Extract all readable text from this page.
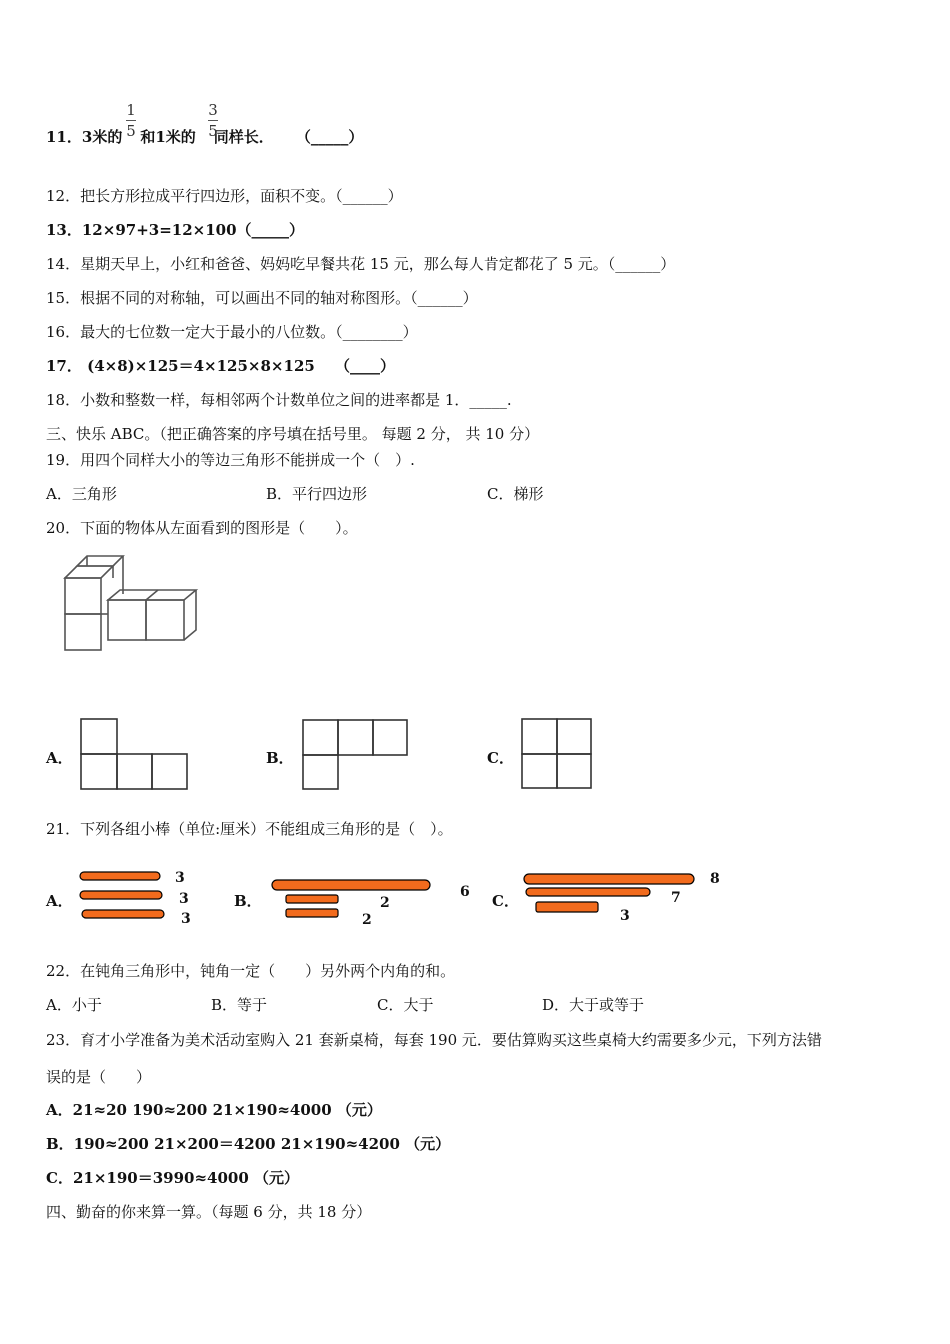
11．3米的 和1米的 同样长． （_____）
1
5
3
5
12．把长方形拉成平行四边形，面积不变。（______）
13．12×97+3=12×100（_____）
14．星期天早上，小红和爸爸、妈妈吃早餐共花 15 元，那么每人肯定都花了 5 元。（______）
15．根据不同的对称轴，可以画出不同的轴对称图形。（______）
16．最大的七位数一定大于最小的八位数。（________）
17． (4×8)×125＝4×125×8×125　 （____）
18．小数和整数一样，每相邻两个计数单位之间的进率都是 1．_____.
三、快乐 ABC。（把正确答案的序号填在括号里。 每题 2 分， 共 10 分）
19．用四个同样大小的等边三角形不能拼成一个（　）.
A．三角形	B．平行四边形	C．梯形
20．下面的物体从左面看到的图形是（　　）。
A．	B．	C．
21．下列各组小棒（单位:厘米）不能组成三角形的是（　）。
A．
3
3
3
B．	6
2
2
C．
8
7
3
22．在钝角三角形中，钝角一定（　　）另外两个内角的和。
A．小于	B．等于	C．大于	D．大于或等于
23．育才小学准备为美术活动室购入 21 套新桌椅，每套 190 元．要估算购买这些桌椅大约需要多少元，下列方法错
误的是（　　）
A．21≈20 190≈200 21×190≈4000 （元）
B．190≈200 21×200＝4200 21×190≈4200 （元）
C．21×190＝3990≈4000 （元）
四、勤奋的你来算一算。（每题 6 分，共 18 分）
